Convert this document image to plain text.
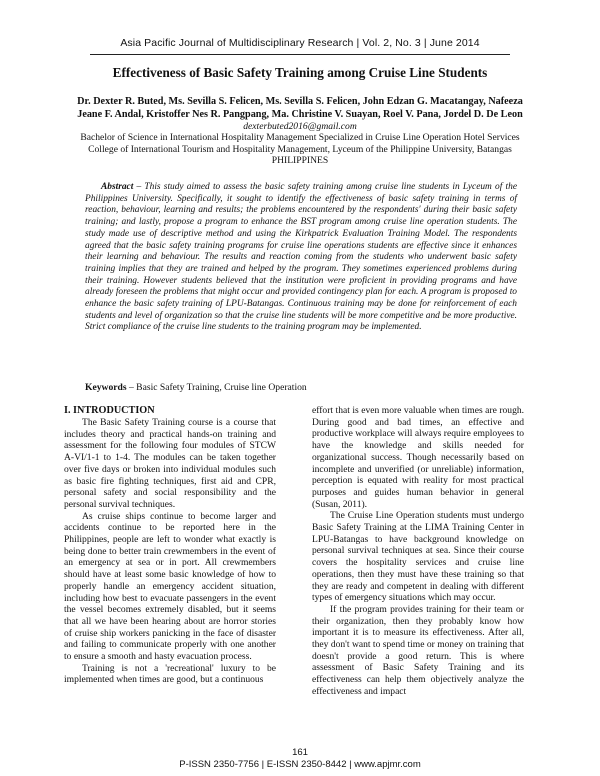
Asia Pacific Journal of Multidisciplinary Research | Vol. 2, No. 3 | June 2014
Effectiveness of Basic Safety Training among Cruise Line Students
Dr. Dexter R. Buted, Ms. Sevilla S. Felicen, Ms. Sevilla S. Felicen, John Edzan G. Macatangay, Nafeeza
Jeane F. Andal, Kristoffer Nes R. Pangpang, Ma. Christine V. Suayan, Roel V. Pana, Jordel D. De Leon
dexterbuted2016@gmail.com
Bachelor of Science in International Hospitality Management Specialized in Cruise Line Operation Hotel Services
College of International Tourism and Hospitality Management, Lyceum of the Philippine University, Batangas
PHILIPPINES

Abstract – This study aimed to assess the basic safety training among cruise line students in Lyceum of the Philippines University. Specifically, it sought to identify the effectiveness of basic safety training in terms of reaction, behaviour, learning and results; the problems encountered by the respondents' during their basic safety training; and lastly, propose a program to enhance the BST program among cruise line operation students. The study made use of descriptive method and using the Kirkpatrick Evaluation Training Model. The respondents agreed that the basic safety training programs for cruise line operations students are effective since it enhances their learning and behaviour. The results and reaction coming from the students who underwent basic safety training implies that they are trained and helped by the program. They sometimes experienced problems during their training. However students believed that the institution were proficient in providing programs and have already foreseen the problems that might occur and provided contingency plan for each. A program is proposed to enhance the basic safety training of LPU-Batangas. Continuous training may be done for reinforcement of each students and level of organization so that the cruise line students will be more competitive and be more productive. Strict compliance of the cruise line students to the training program may be implemented.

Keywords – Basic Safety Training, Cruise line Operation
I. INTRODUCTION

The Basic Safety Training course is a course that includes theory and practical hands-on training and assessment for the following four modules of STCW A-VI/1-1 to 1-4. The modules can be taken together over five days or broken into individual modules such as basic fire fighting techniques, first aid and CPR, personal safety and social responsibility and the personal survival techniques.

As cruise ships continue to become larger and accidents continue to be reported here in the Philippines, people are left to wonder what exactly is being done to better train crewmembers in the event of an emergency at sea or in port. All crewmembers should have at least some basic knowledge of how to properly handle an emergency accident situation, including how best to evacuate passengers in the event the vessel becomes extremely disabled, but it seems that all we have been hearing about are horror stories of cruise ship workers panicking in the face of disaster and failing to communicate properly with one another to ensure a smooth and hasty evacuation process.

Training is not a 'recreational' luxury to be implemented when times are good, but a continuous

effort that is even more valuable when times are rough. During good and bad times, an effective and productive workplace will always require employees to have the knowledge and skills needed for organizational success. Though necessarily based on incomplete and unverified (or unreliable) information, perception is equated with reality for most practical purposes and guides human behavior in general (Susan, 2011).

The Cruise Line Operation students must undergo Basic Safety Training at the LIMA Training Center in LPU-Batangas to have background knowledge on personal survival techniques at sea. Since their course covers the hospitality services and cruise line operations, then they must have these training so that they are ready and competent in dealing with different types of emergency situations which may occur.

If the program provides training for their team or their organization, then they probably know how important it is to measure its effectiveness. After all, they don't want to spend time or money on training that doesn't provide a good return. This is where assessment of Basic Safety Training and its effectiveness can help them objectively analyze the effectiveness and impact

161
P-ISSN 2350-7756 | E-ISSN 2350-8442 | www.apjmr.com
